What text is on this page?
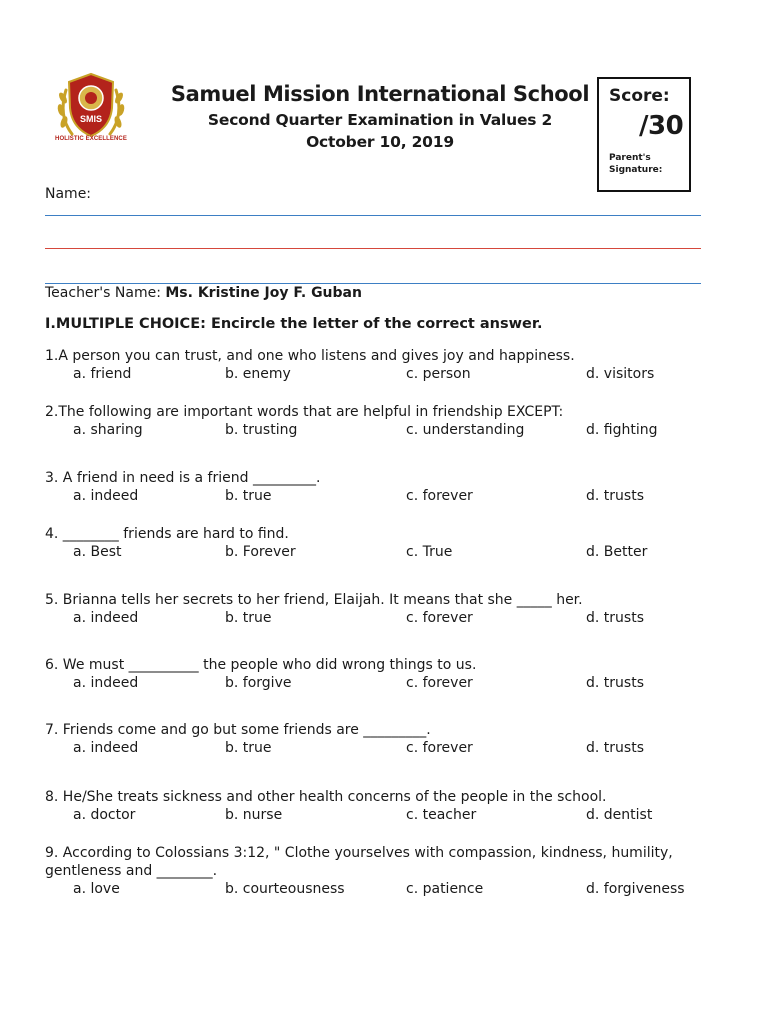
SMIS
HOLISTIC EXCELLENCE
Samuel Mission International School
Second Quarter Examination in Values 2
October 10, 2019
Score:
/30
Parent's Signature:
Name:
Teacher's Name: Ms. Kristine Joy F. Guban
I.MULTIPLE CHOICE: Encircle the letter of the correct answer.
1.A person you can trust, and one who listens and gives joy and happiness.
a. friend	b. enemy	c. person	d. visitors
2.The following are important words that are helpful in friendship EXCEPT:
a. sharing	b. trusting	c. understanding	d. fighting
3. A friend in need is a friend _________.
a. indeed	b. true	c. forever	d. trusts
4. ________ friends are hard to find.
a. Best	b. Forever	c. True	d. Better
5. Brianna tells her secrets to her friend, Elaijah. It means that she _____ her.
a. indeed	b. true	c. forever	d. trusts
6. We must __________ the people who did wrong things to us.
a. indeed	b. forgive	c. forever	d. trusts
7. Friends come and go but some friends are _________.
a. indeed	b. true	c. forever	d. trusts
8. He/She treats sickness and other health concerns of the people in the school.
a. doctor	b. nurse	c. teacher	d. dentist
9. According to Colossians 3:12, " Clothe yourselves with compassion, kindness, humility, gentleness and ________.
a. love	b. courteousness	c. patience	d. forgiveness
